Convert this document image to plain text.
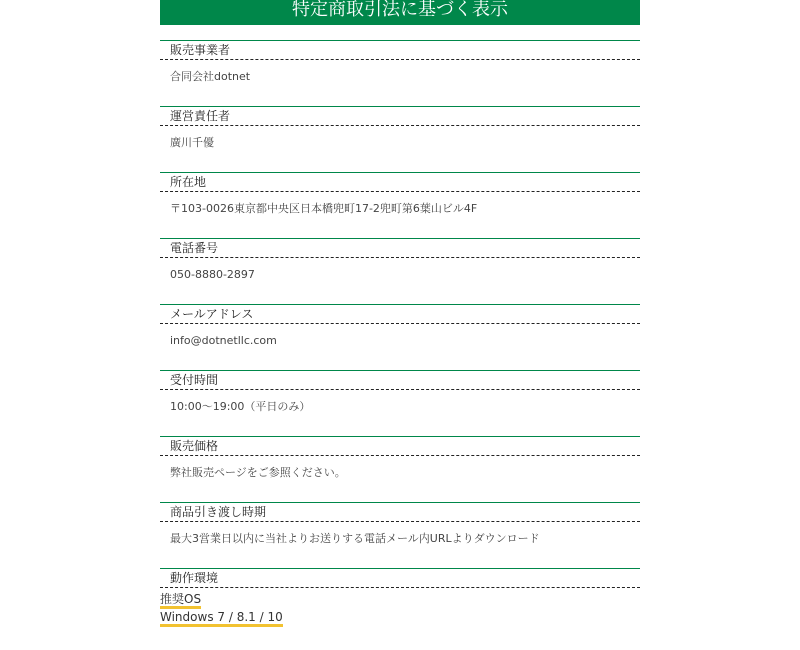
特定商取引法に基づく表示
販売事業者
合同会社dotnet
運営責任者
廣川千優
所在地
〒103-0026東京都中央区日本橋兜町17-2兜町第6葉山ビル4F
電話番号
050-8880-2897
メールアドレス
info@dotnetllc.com
受付時間
10:00〜19:00（平日のみ）
販売価格
弊社販売ページをご参照ください。
商品引き渡し時期
最大3営業日以内に当社よりお送りする電話メール内URLよりダウンロード
動作環境
推奨OS
Windows 7 / 8.1 / 10
